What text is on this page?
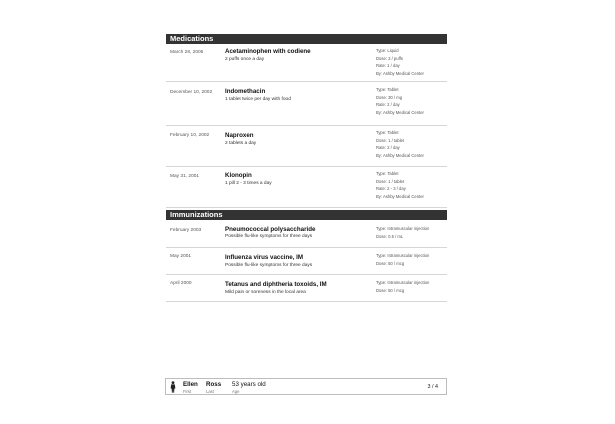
Medications
March 28, 2005	Acetaminophen with codiene
2 puffs once a day
Type: Liquid
Dose: 3 / puffs
Rate: 1 / day
By: Ashby Medical Center
December 10, 2002 Indomethacin
1 tablet twice per day with food
Type: Tablet
Dose: 30 / mg
Rate: 2 / day
By: Ashby Medical Center
February 10, 2002	Naproxen
2 tablets a day
Type: Tablet
Dose: 1 / tablet
Rate: 2 / day
By: Ashby Medical Center
May 31, 2001	Klonopin
1 pill 2 - 3 times a day
Type: Tablet
Dose: 1 / tablet
Rate: 2 - 3 / day
By: Ashby Medical Center
Immunizations
February 2003	Pneumococcal polysaccharide
Possible flu-like symptoms for three days
Type: Intramuscular injection
Dose: 0.5 / mL
May 2001	Influenza virus vaccine, IM
Possible flu-like symptoms for three days
Type: Intramuscular injection
Dose: 50 / mcg
April 2000	Tetanus and diphtheria toxoids, IM
Mild pain or soreness in the local area
Type: Intramuscular injection
Dose: 50 / mcg
Ellen
First
Ross
Last
53 years old
Age
3 / 4
